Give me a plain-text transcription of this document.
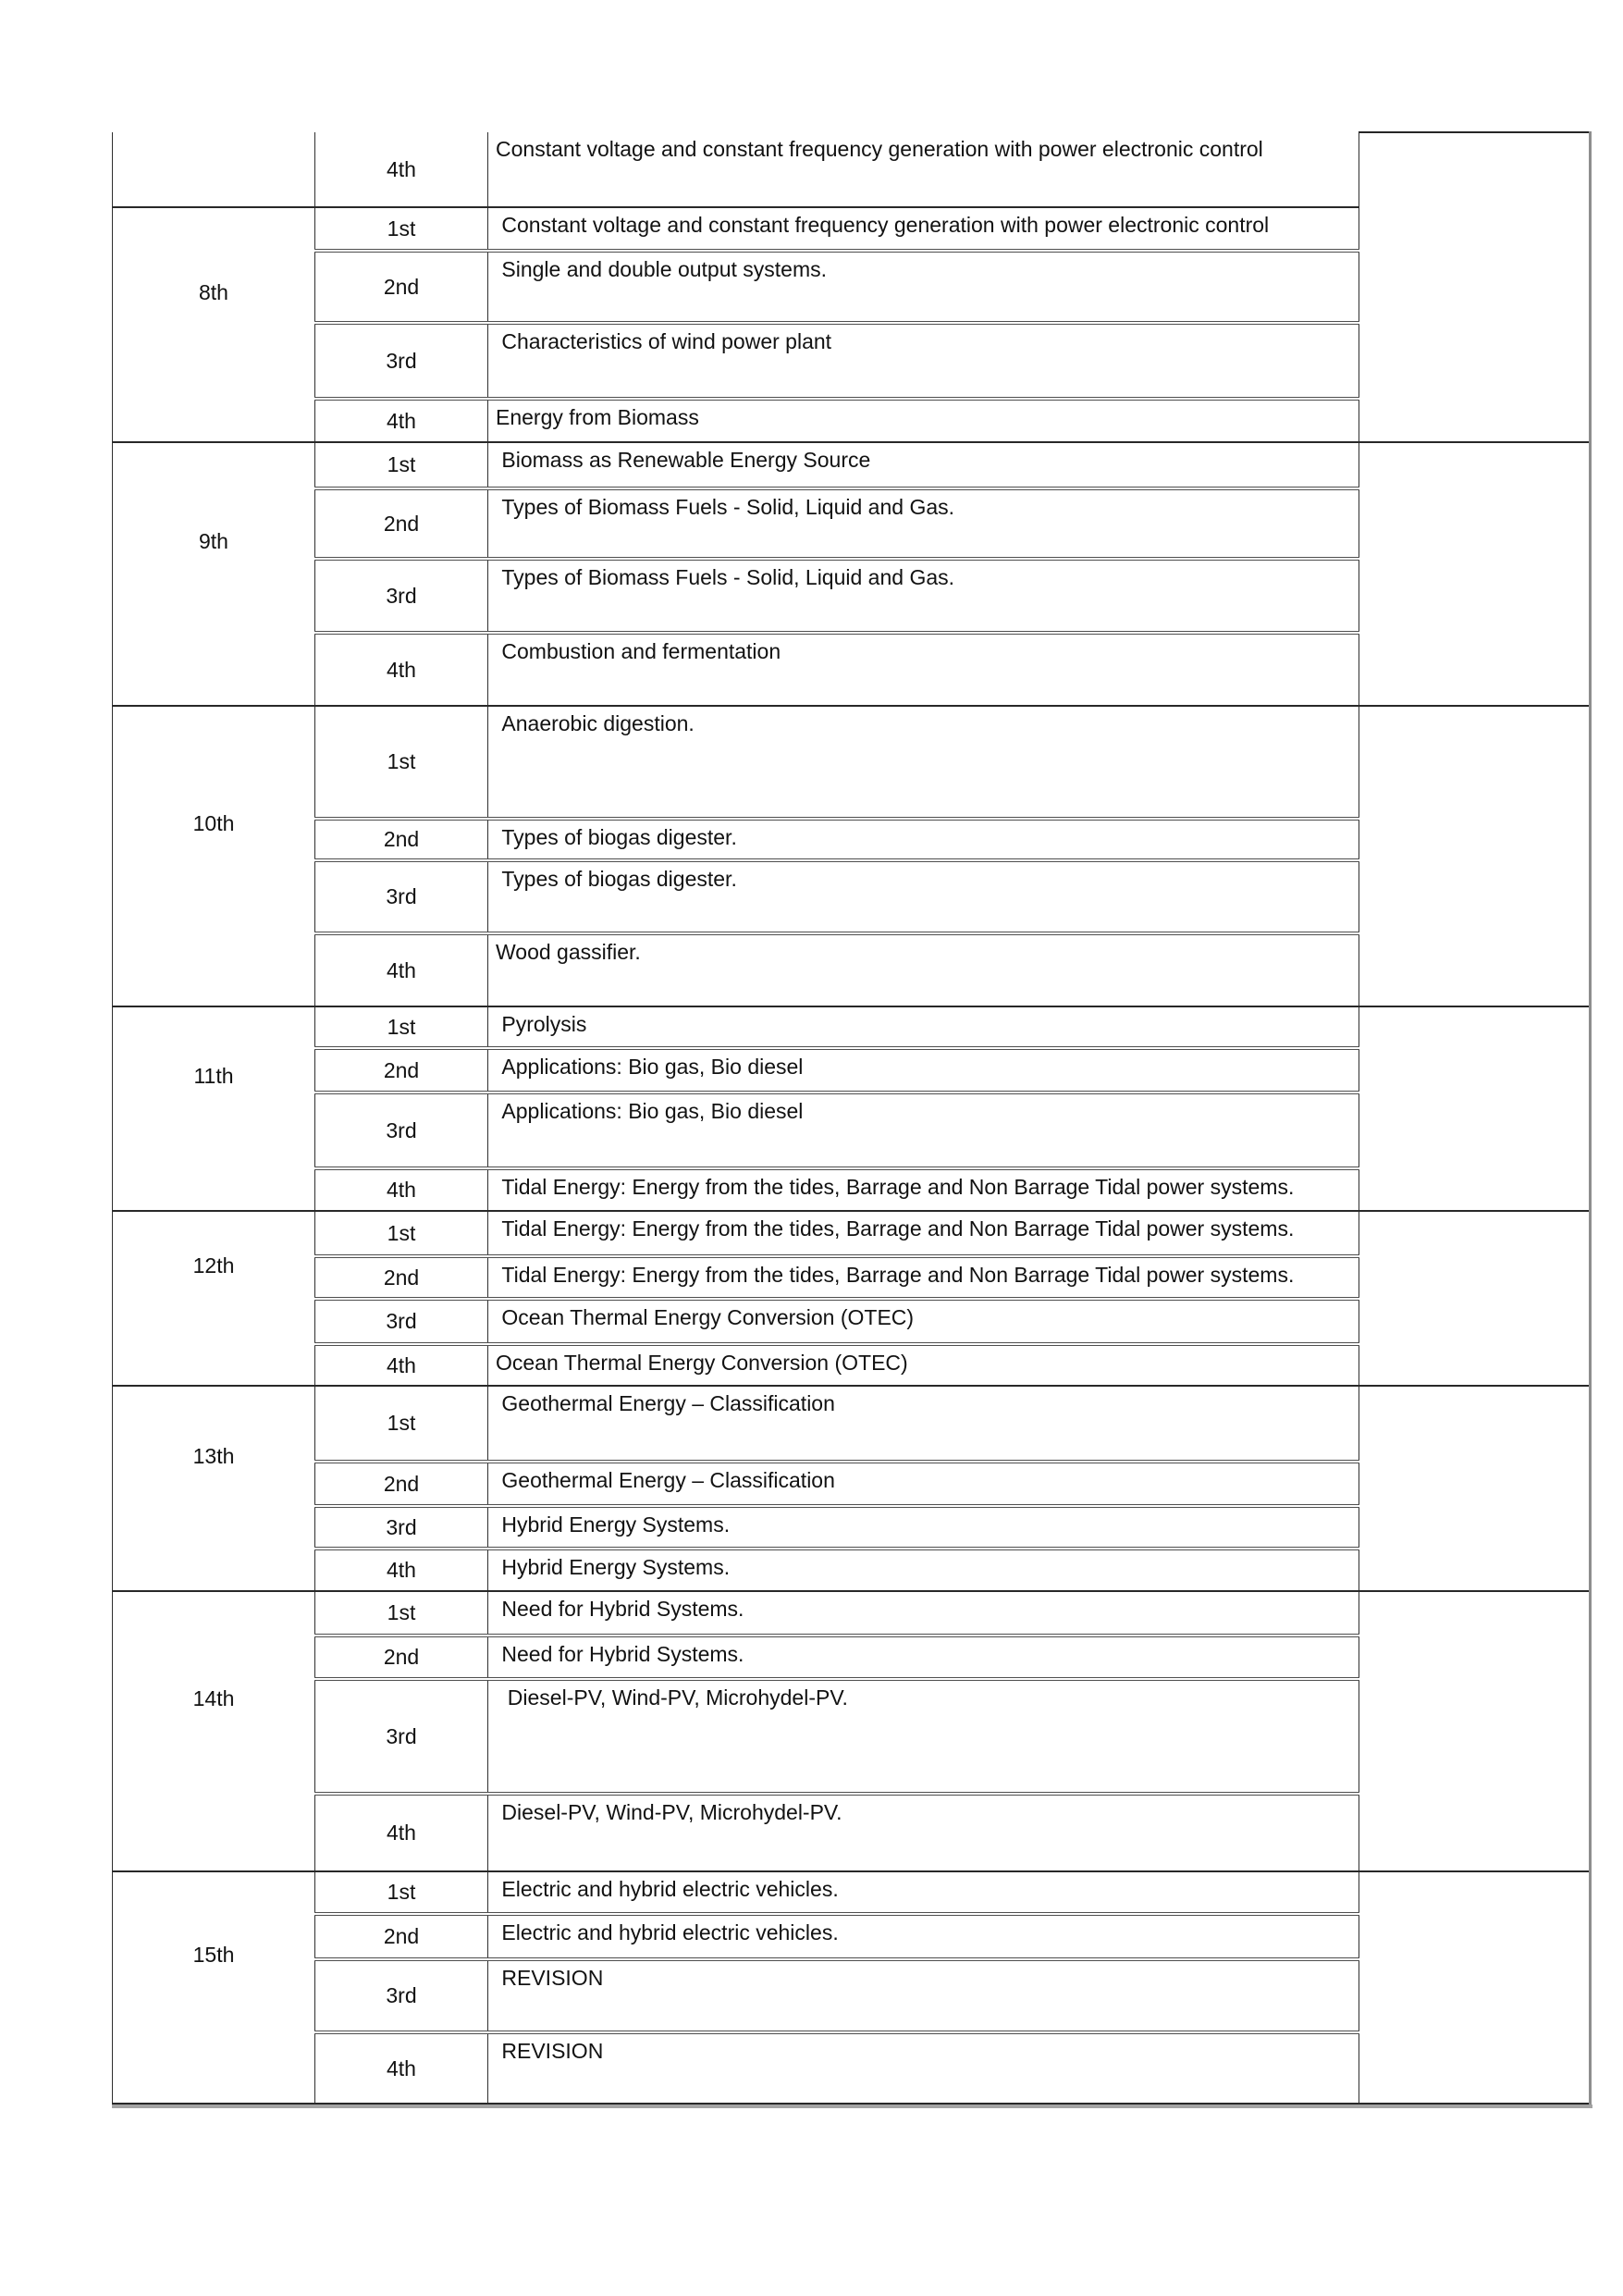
	4th	Constant voltage and constant frequency generation with power electronic control	
8th	1st	Constant voltage and constant frequency generation with power electronic control	
	2nd	Single and double output systems.	
	3rd	Characteristics of wind power plant	
	4th	Energy from Biomass	
9th	1st	Biomass as Renewable Energy Source	
	2nd	Types of Biomass Fuels - Solid, Liquid and Gas.	
	3rd	Types of Biomass Fuels - Solid, Liquid and Gas.	
	4th	Combustion and fermentation	
10th	1st	Anaerobic digestion.	
	2nd	Types of biogas digester.	
	3rd	Types of biogas digester.	
	4th	Wood gassifier.	
11th	1st	Pyrolysis	
	2nd	Applications: Bio gas, Bio diesel	
	3rd	Applications: Bio gas, Bio diesel	
	4th	Tidal Energy: Energy from the tides, Barrage and Non Barrage Tidal power systems.	
12th	1st	Tidal Energy: Energy from the tides, Barrage and Non Barrage Tidal power systems.	
	2nd	Tidal Energy: Energy from the tides, Barrage and Non Barrage Tidal power systems.	
	3rd	Ocean Thermal Energy Conversion (OTEC)	
	4th	Ocean Thermal Energy Conversion (OTEC)	
13th	1st	Geothermal Energy – Classification	
	2nd	Geothermal Energy – Classification	
	3rd	Hybrid Energy Systems.	
	4th	Hybrid Energy Systems.	
14th	1st	Need for Hybrid Systems.	
	2nd	Need for Hybrid Systems.	
	3rd	Diesel-PV, Wind-PV, Microhydel-PV.	
	4th	Diesel-PV, Wind-PV, Microhydel-PV.	
15th	1st	Electric and hybrid electric vehicles.	
	2nd	Electric and hybrid electric vehicles.	
	3rd	REVISION	
	4th	REVISION	
